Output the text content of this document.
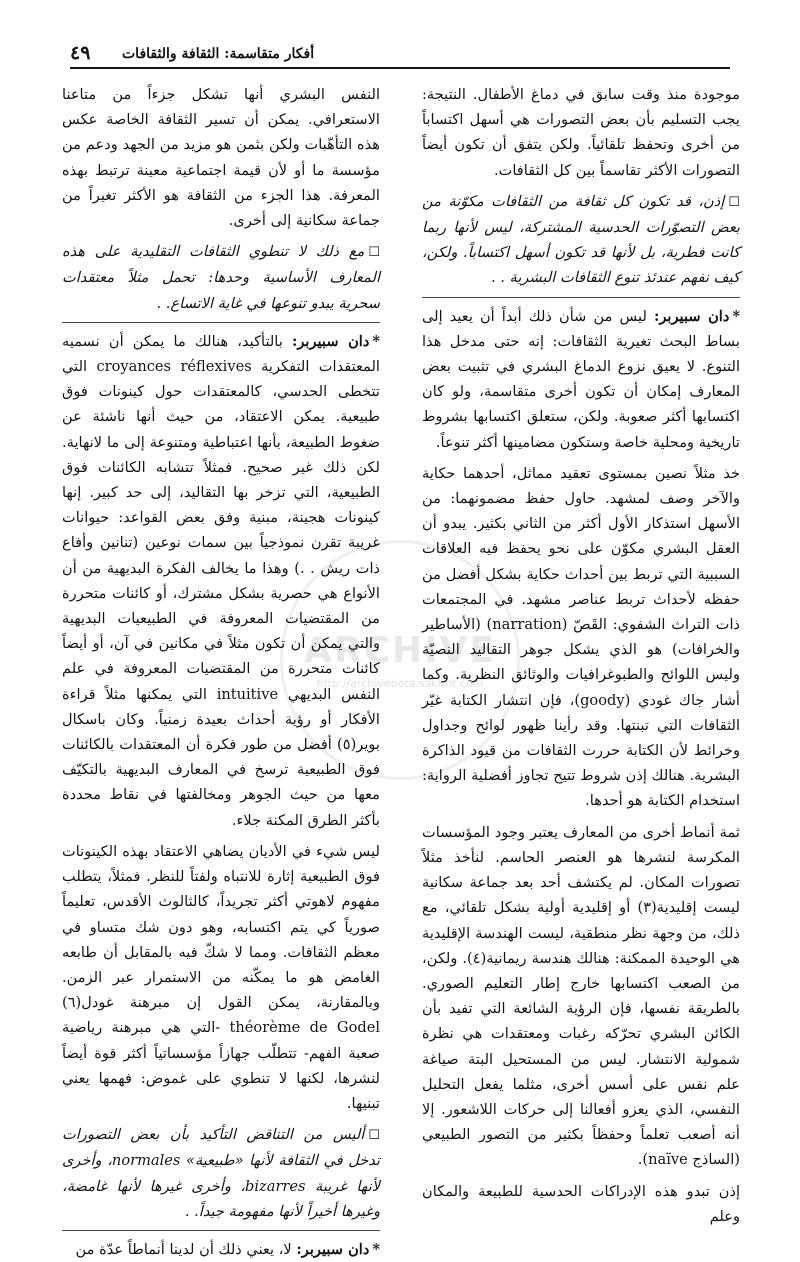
أفكار متقاسمة: الثقافة والثقافات
٤٩
ARCHIVE
http://archivebeta.sakhrit.com

موجودة منذ وقت سابق في دماغ الأطفال. النتيجة: يجب التسليم بأن بعض التصورات هي أسهل اكتساباً من أخرى وتحفظ تلقائياً. ولكن يتفق أن تكون أيضاً التصورات الأكثر تقاسماً بين كل الثقافات.

☐إذن، قد تكون كل ثقافة من الثقافات مكوّنة من بعض التصوّرات الحدسية المشتركة، ليس لأنها ربما كانت فطرية، بل لأنها قد تكون أسهل اكتساباً. ولكن، كيف نفهم عندئذ تنوع الثقافات البشرية . .

*دان سبيربر: ليس من شأن ذلك أبداً أن يعيد إلى بساط البحث تغيرية الثقافات: إنه حتى مدخل هذا التنوع. لا يعيق نزوع الدماغ البشري في تثبيت بعض المعارف إمكان أن تكون أخرى متقاسمة، ولو كان اكتسابها أكثر صعوبة. ولكن، ستعلق اكتسابها بشروط تاريخية ومحلية خاصة وستكون مضامينها أكثر تنوعاً.

خذ مثلاً نصين بمستوى تعقيد مماثل، أحدهما حكاية والآخر وصف لمشهد. حاول حفظ مضمونهما: من الأسهل استذكار الأول أكثر من الثاني بكثير. يبدو أن العقل البشري مكوّن على نحو يحفظ فيه العلاقات السببية التي تربط بين أحداث حكاية بشكل أفضل من حفظه لأحداث تربط عناصر مشهد. في المجتمعات ذات التراث الشفوي: القَصّ (narration) (الأساطير والخرافات) هو الذي يشكل جوهر التقاليد النصيّة وليس اللوائح والطبوغرافيات والوثائق النظرية. وكما أشار جاك غودي (goody)، فإن انتشار الكتابة غيّر الثقافات التي تبنتها. وقد رأينا ظهور لوائح وجداول وخرائط لأن الكتابة حررت الثقافات من قيود الذاكرة البشرية. هنالك إذن شروط تتيح تجاوز أفضلية الرواية: استخدام الكتابة هو أحدها.

ثمة أنماط أخرى من المعارف يعتبر وجود المؤسسات المكرسة لنشرها هو العنصر الحاسم. لنأخذ مثلاً تصورات المكان. لم يكتشف أحد بعد جماعة سكانية ليست إقليدية(٣) أو إقليدية أولية بشكل تلقائي، مع ذلك، من وجهة نظر منطقية، ليست الهندسة الإقليدية هي الوحيدة الممكنة: هنالك هندسة ريمانية(٤). ولكن، من الصعب اكتسابها خارج إطار التعليم الصوري. بالطريقة نفسها، فإن الرؤية الشائعة التي تفيد بأن الكائن البشري تحرّكه رغبات ومعتقدات هي نظرة شمولية الانتشار. ليس من المستحيل البتة صياغة علم نفس على أسس أخرى، مثلما يفعل التحليل النفسي، الذي يعزو أفعالنا إلى حركات اللاشعور. إلا أنه أصعب تعلماً وحفظاً بكثير من التصور الطبيعي (الساذج naïve).

إذن تبدو هذه الإدراكات الحدسية للطبيعة والمكان وعلم

النفس البشري أنها تشكل جزءاً من متاعنا الاستعرافي. يمكن أن تسير الثقافة الخاصة عكس هذه التأهّبات ولكن بثمن هو مزيد من الجهد ودعم من مؤسسة ما أو لأن قيمة اجتماعية معينة ترتبط بهذه المعرفة. هذا الجزء من الثقافة هو الأكثر تغيراً من جماعة سكانية إلى أخرى.

☐مع ذلك لا تنطوي الثقافات التقليدية على هذه المعارف الأساسية وحدها: تحمل مثلاً معتقدات سحرية يبدو تنوعها في غاية الاتساع. .

*دان سبيربر: بالتأكيد، هنالك ما يمكن أن نسميه المعتقدات التفكرية croyances réflexives التي تتخطى الحدسي، كالمعتقدات حول كينونات فوق طبيعية. يمكن الاعتقاد، من حيث أنها ناشئة عن ضغوط الطبيعة، بأنها اعتباطية ومتنوعة إلى ما لانهاية. لكن ذلك غير صحيح. فمثلاً تتشابه الكائنات فوق الطبيعية، التي تزخر بها التقاليد، إلى حد كبير. إنها كينونات هجينة، مبنية وفق بعض القواعد: حيوانات غريبة تقرن نموذجياً بين سمات نوعين (تنانين وأفاع ذات ريش . .) وهذا ما يخالف الفكرة البديهية من أن الأنواع هي حصرية بشكل مشترك، أو كائنات متحررة من المقتضيات المعروفة في الطبيعيات البديهية والتي يمكن أن تكون مثلاً في مكانين في آن، أو أيضاً كائنات متحررة من المقتضيات المعروفة في علم النفس البديهي intuitive التي يمكنها مثلاً قراءة الأفكار أو رؤية أحداث بعيدة زمنياً. وكان باسكال بوير(٥) أفضل من طور فكرة أن المعتقدات بالكائنات فوق الطبيعية ترسخ في المعارف البديهية بالتكيّف معها من حيث الجوهر ومخالفتها في نقاط محددة بأكثر الطرق المكنة جلاء.

ليس شيء في الأديان يضاهي الاعتقاد بهذه الكينونات فوق الطبيعية إثارة للانتباه ولفتاً للنظر. فمثلاً، يتطلب مفهوم لاهوتي أكثر تجريداً، كالثالوث الأقدس، تعليماً صورياً كي يتم اكتسابه، وهو دون شك متساو في معظم الثقافات. ومما لا شكّ فيه بالمقابل أن طابعه الغامض هو ما يمكّنه من الاستمرار عبر الزمن. وبالمقارنة، يمكن القول إن مبرهنة غودل(٦) théorème de Godel -التي هي مبرهنة رياضية صعبة الفهم- تتطلّب جهازاً مؤسساتياً أكثر قوة أيضاً لنشرها، لكنها لا تنطوي على غموض: فهمها يعني تبنيها.

☐أليس من التناقض التأكيد بأن بعض التصورات تدخل في الثقافة لأنها «طبيعية» normales، وأخرى لأنها غريبة bizarres، وأخرى غيرها لأنها غامضة، وغيرها أخيراً لأنها مفهومة جيداً. .

*دان سبيربر: لا، يعني ذلك أن لدينا أنماطاً عدّة من
